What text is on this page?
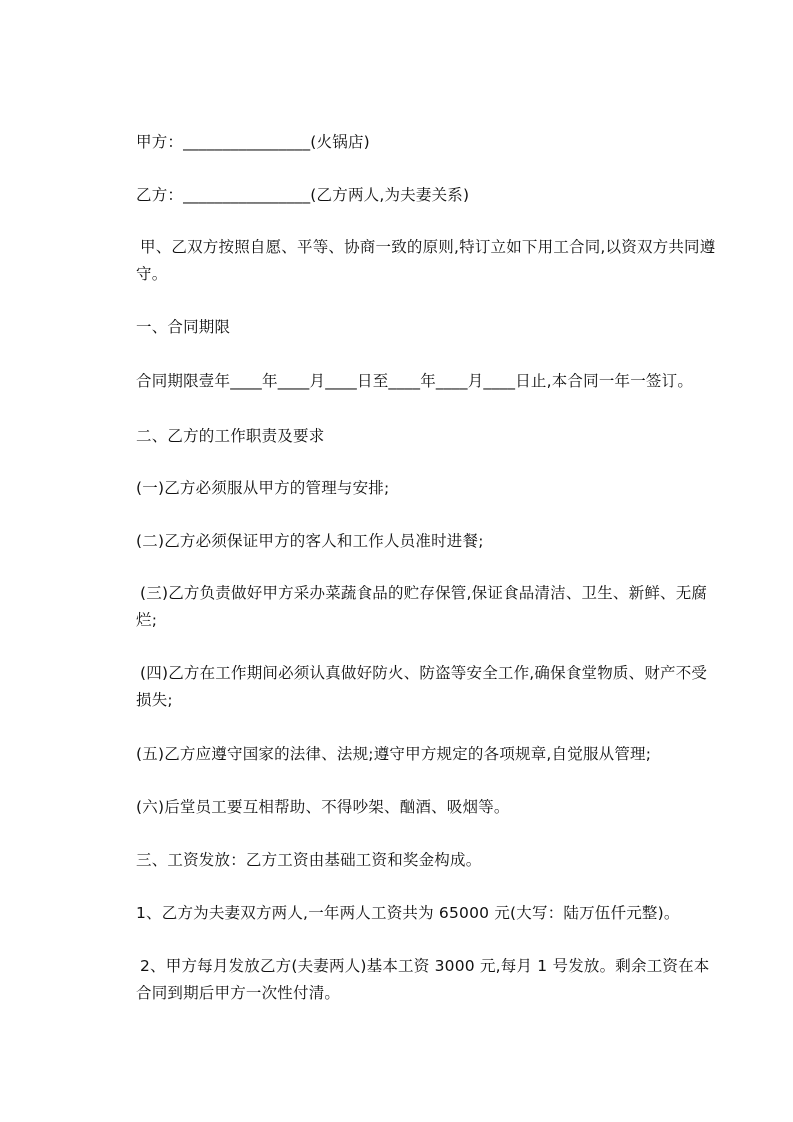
甲方：________________(火锅店)
乙方：________________(乙方两人,为夫妻关系)
甲、乙双方按照自愿、平等、协商一致的原则,特订立如下用工合同,以资双方共同遵守。
一、合同期限
合同期限壹年____年____月____日至____年____月____日止,本合同一年一签订。
二、乙方的工作职责及要求
(一)乙方必须服从甲方的管理与安排;
(二)乙方必须保证甲方的客人和工作人员准时进餐;
(三)乙方负责做好甲方采办菜蔬食品的贮存保管,保证食品清洁、卫生、新鲜、无腐烂;
(四)乙方在工作期间必须认真做好防火、防盗等安全工作,确保食堂物质、财产不受损失;
(五)乙方应遵守国家的法律、法规;遵守甲方规定的各项规章,自觉服从管理;
(六)后堂员工要互相帮助、不得吵架、酗酒、吸烟等。
三、工资发放：乙方工资由基础工资和奖金构成。
1、乙方为夫妻双方两人,一年两人工资共为 65000 元(大写：陆万伍仟元整)。
2、甲方每月发放乙方(夫妻两人)基本工资 3000 元,每月 1 号发放。剩余工资在本合同到期后甲方一次性付清。
